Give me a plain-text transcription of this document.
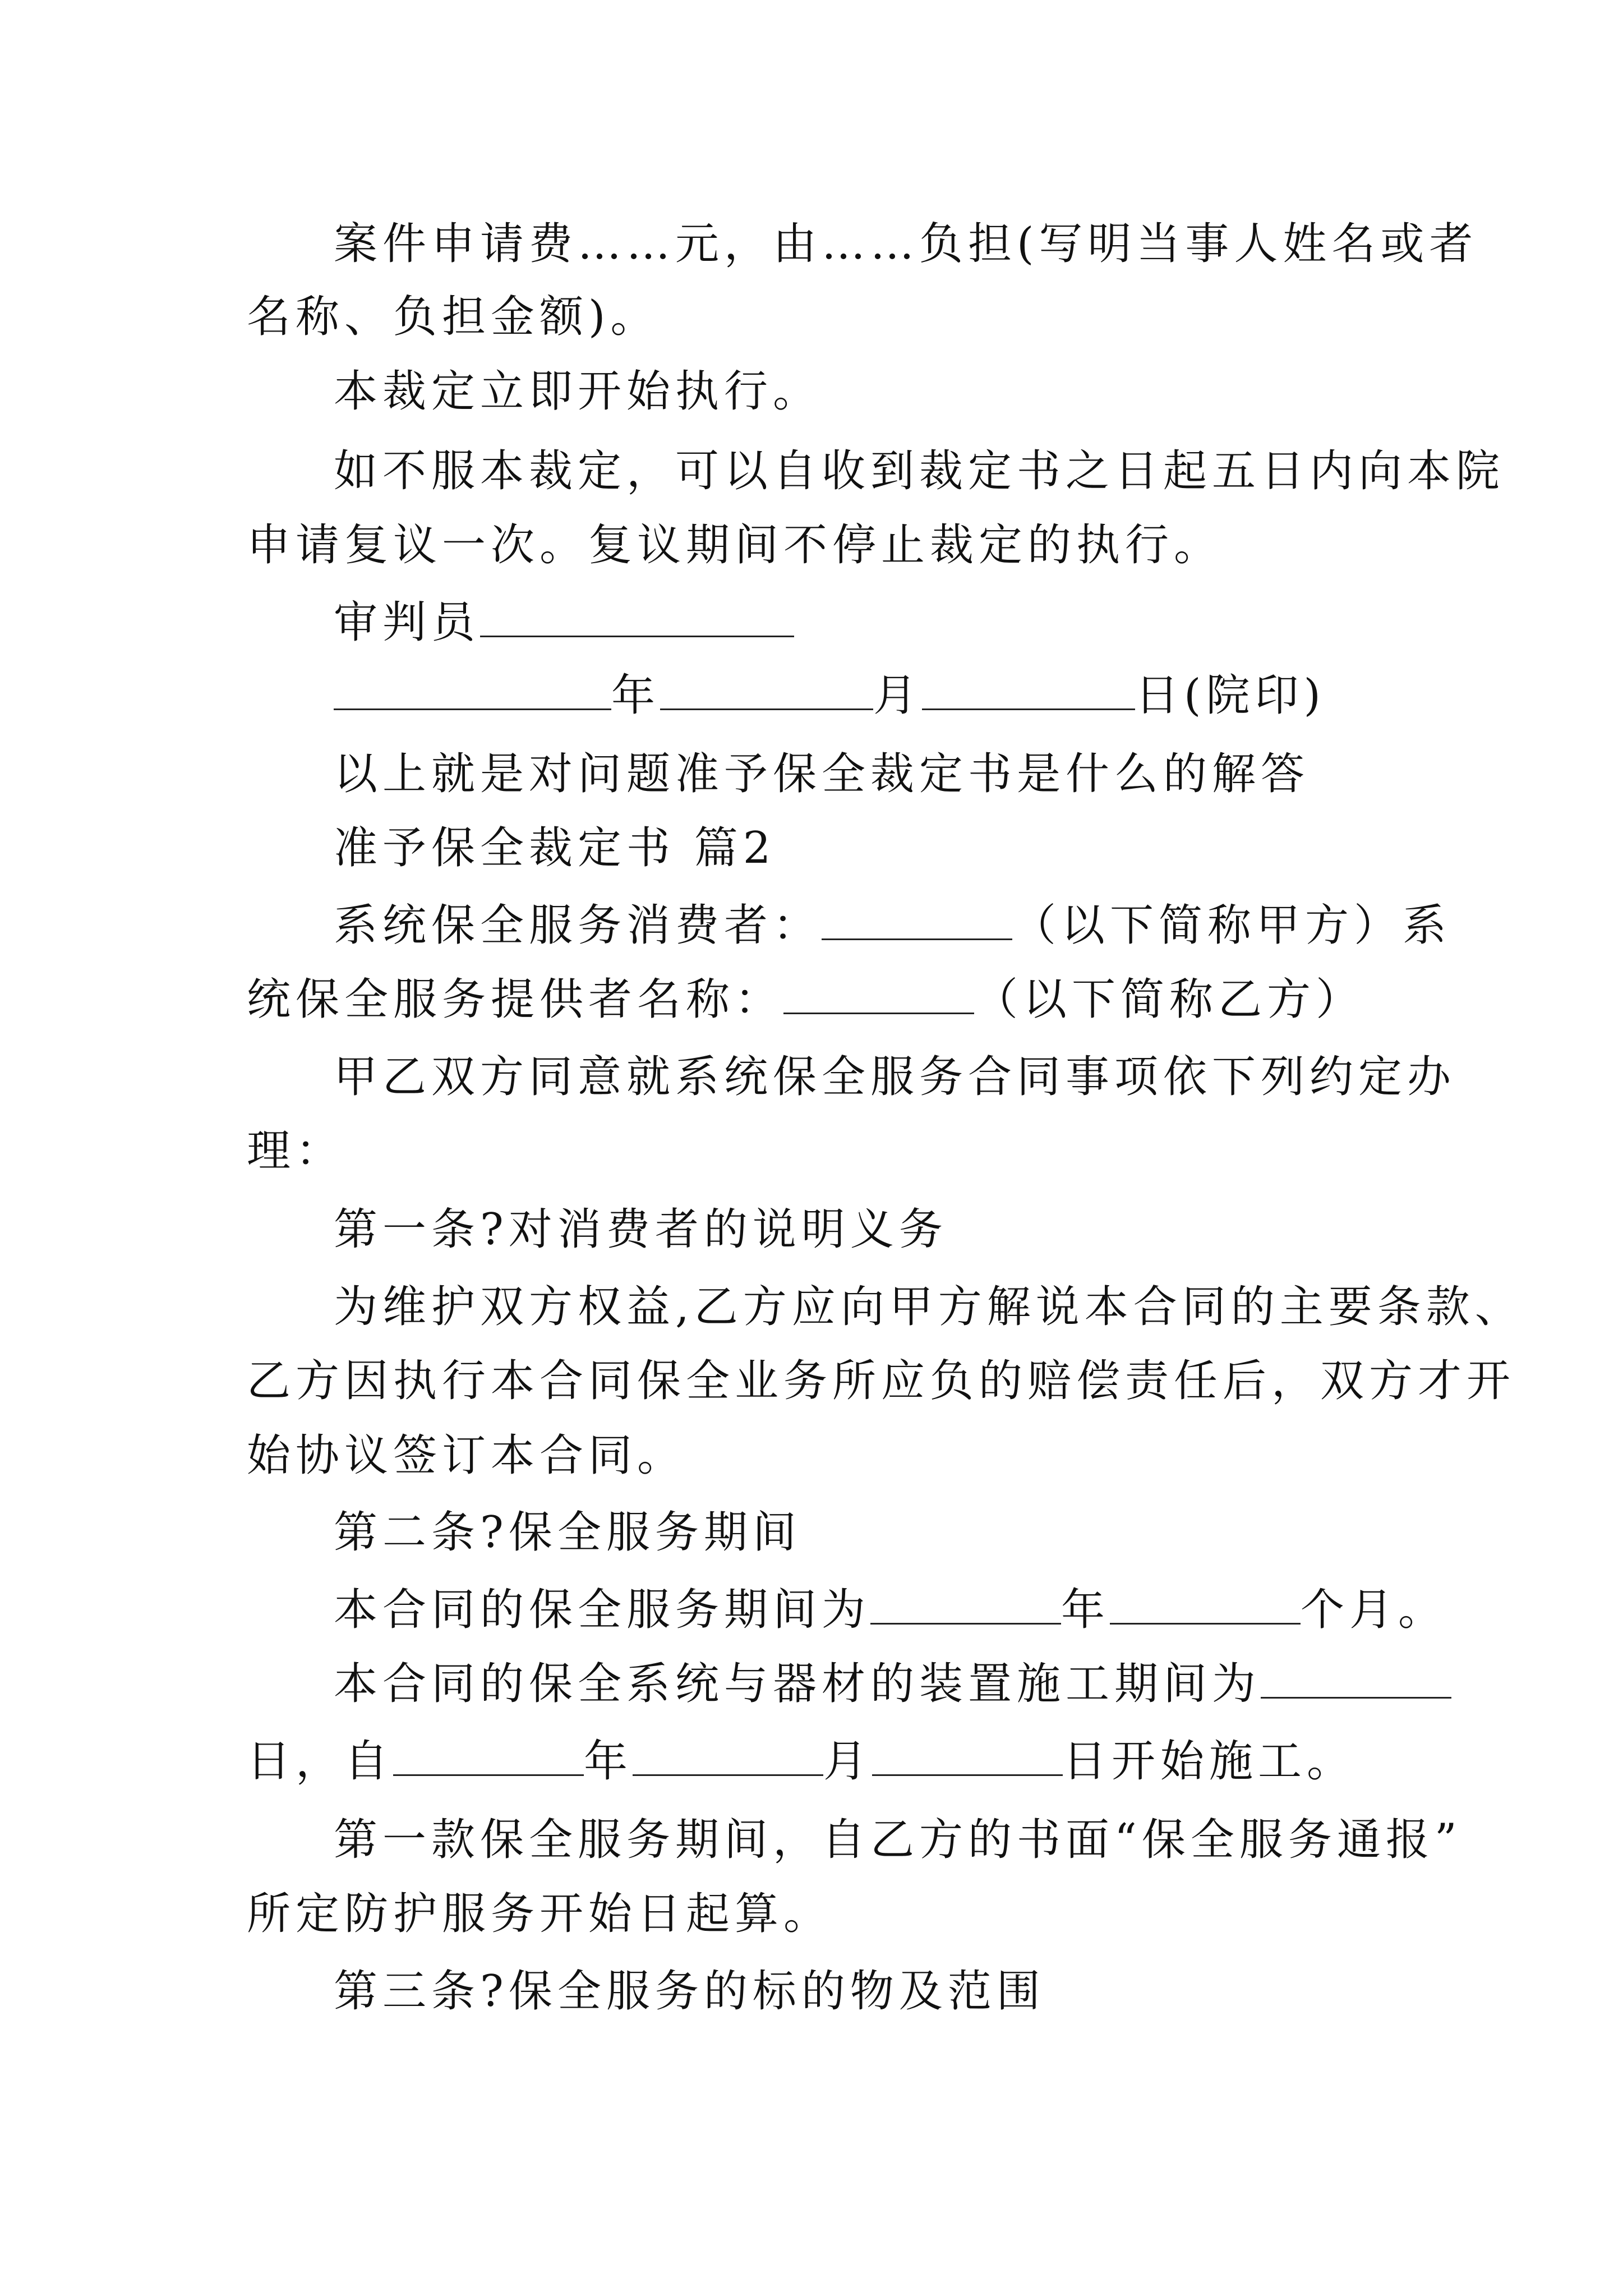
案件申请费……元，由……负担(写明当事人姓名或者
名称、负担金额)。
本裁定立即开始执行。
如不服本裁定，可以自收到裁定书之日起五日内向本院
申请复议一次。复议期间不停止裁定的执行。
审判员
年	月	日(院印)
以上就是对问题准予保全裁定书是什么的解答
准予保全裁定书 篇2
系统保全服务消费者：	（以下简称甲方）系
统保全服务提供者名称：	（以下简称乙方）
甲乙双方同意就系统保全服务合同事项依下列约定办
理：
第一条?对消费者的说明义务
为维护双方权益,乙方应向甲方解说本合同的主要条款、
乙方因执行本合同保全业务所应负的赔偿责任后，双方才开
始协议签订本合同。
第二条?保全服务期间
本合同的保全服务期间为	年	个月。
本合同的保全系统与器材的装置施工期间为
日，自	年	月	日开始施工。
第一款保全服务期间，自乙方的书面“保全服务通报”
所定防护服务开始日起算。
第三条?保全服务的标的物及范围
